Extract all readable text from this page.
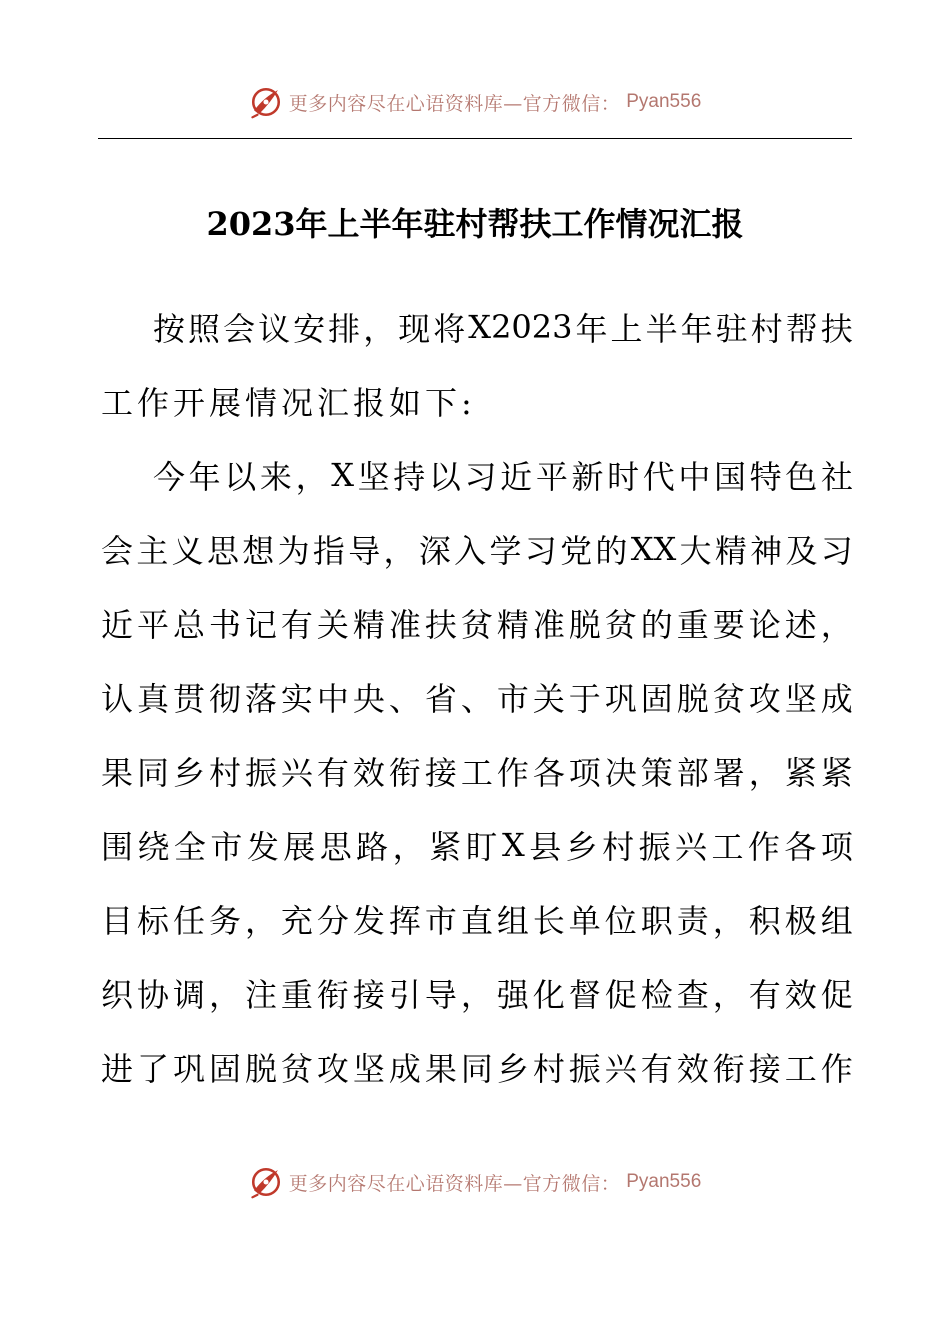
更多内容尽在心语资料库—官方微信： Pyan556
2023年上半年驻村帮扶工作情况汇报
按 照 会 议 安 排 ， 现 将 X2023 年 上 半 年 驻 村 帮 扶
工作开展情况汇报如下:
今 年 以 来 ， X 坚 持 以 习 近 平 新 时 代 中 国 特 色 社
会 主 义 思 想 为 指 导 ， 深 入 学 习 党 的 XX 大 精 神 及 习
近 平 总 书 记 有 关 精 准 扶 贫 精 准 脱 贫 的 重 要 论 述 ，
认 真 贯 彻 落 实 中 央 、 省 、 市 关 于 巩 固 脱 贫 攻 坚 成
果 同 乡 村 振 兴 有 效 衔 接 工 作 各 项 决 策 部 署 ， 紧 紧
围 绕 全 市 发 展 思 路 ， 紧 盯 X 县 乡 村 振 兴 工 作 各 项
目 标 任 务 ， 充 分 发 挥 市 直 组 长 单 位 职 责 ， 积 极 组
织 协 调 ， 注 重 衔 接 引 导 ， 强 化 督 促 检 查 ， 有 效 促
进 了 巩 固 脱 贫 攻 坚 成 果 同 乡 村 振 兴 有 效 衔 接 工 作
更多内容尽在心语资料库—官方微信： Pyan556
